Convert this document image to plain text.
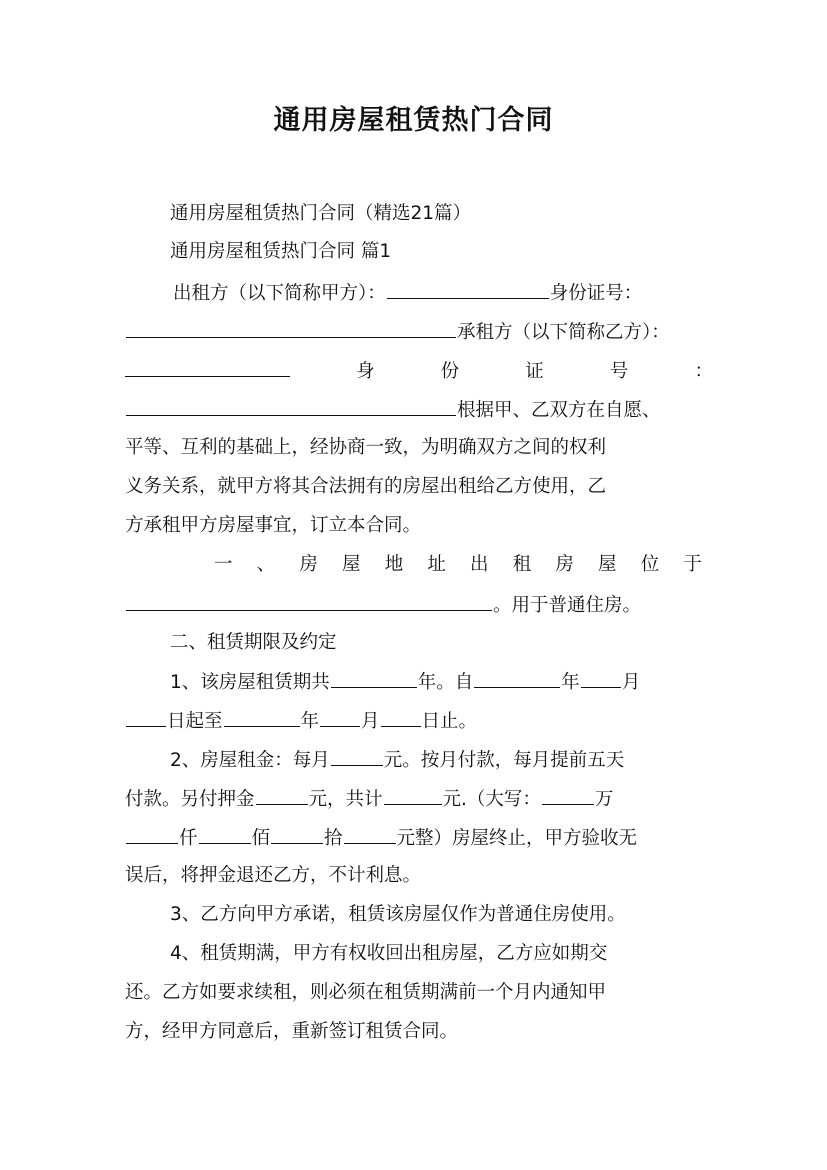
通用房屋租赁热门合同
通用房屋租赁热门合同（精选21篇）
通用房屋租赁热门合同 篇1
出租方（以下简称甲方）：	身份证号：
承租方（以下简称乙方）：
身	份	证	号	：
根据甲、乙双方在自愿、
平等、互利的基础上，经协商一致，为明确双方之间的权利
义务关系，就甲方将其合法拥有的房屋出租给乙方使用，乙
方承租甲方房屋事宜，订立本合同。
一 、 房 屋 地 址 出 租 房 屋 位 于
。用于普通住房。
二、租赁期限及约定
1、该房屋租赁期共	年。自	年 月
日起至	年 月 日止。
2、房屋租金：每月	元。按月付款，每月提前五天
付款。另付押金	元，共计	元.（大写：	万
仟	佰	拾	元整）房屋终止，甲方验收无
误后，将押金退还乙方，不计利息。
3、乙方向甲方承诺，租赁该房屋仅作为普通住房使用。
4、租赁期满，甲方有权收回出租房屋，乙方应如期交
还。乙方如要求续租，则必须在租赁期满前一个月内通知甲
方，经甲方同意后，重新签订租赁合同。
